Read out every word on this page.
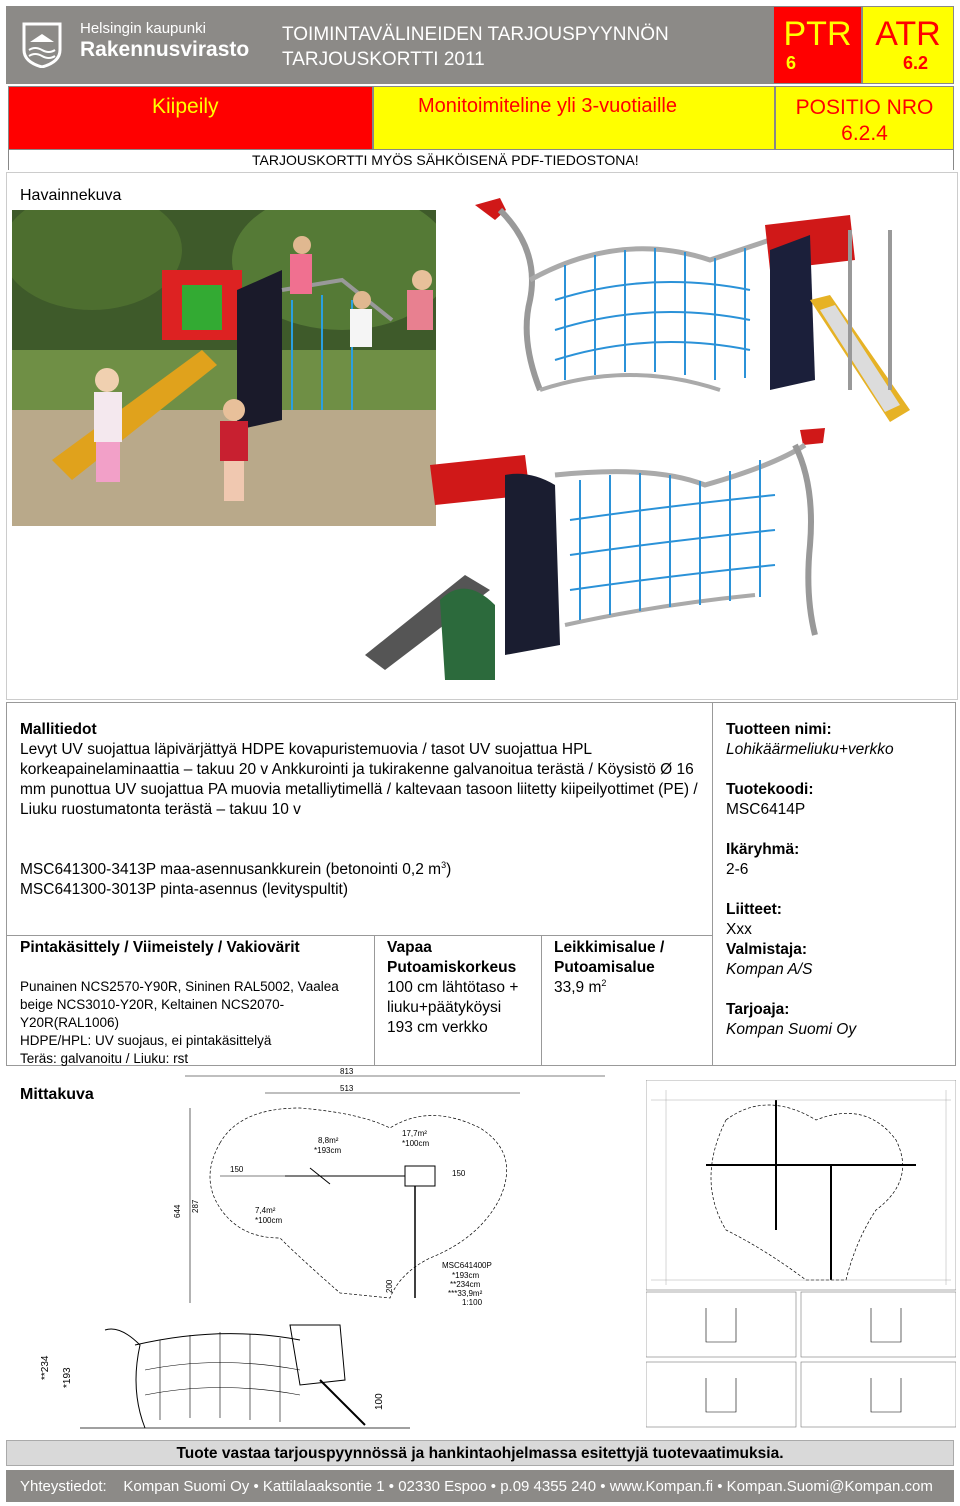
Helsingin kaupunki
Rakennusvirasto
TOIMINTAVÄLINEIDEN TARJOUSPYYNNÖN
TARJOUSKORTTI 2011
PTR
6
ATR
6.2
Kiipeily	Monitoimiteline yli 3-vuotiaille	POSITIO NRO
6.2.4
TARJOUSKORTTI MYÖS SÄHKÖISENÄ PDF-TIEDOSTONA!
Havainnekuva
Mallitiedot
Levyt UV suojattua läpivärjättyä HDPE kovapuristemuovia / tasot UV suojattua HPL korkeapainelaminaattia – takuu 20 v Ankkurointi ja tukirakenne galvanoitua terästä / Köysistö Ø 16 mm punottua UV suojattua PA muovia metalliytimellä / kaltevaan tasoon liitetty kiipeilyottimet (PE) / Liuku ruostumatonta terästä – takuu 10 v
MSC641300-3413P maa-asennusankkurein (betonointi 0,2 $m^3$)
MSC641300-3013P pinta-asennus (levityspultit)
Pintakäsittely / Viimeistely / Vakiovärit
Punainen NCS2570-Y90R, Sininen RAL5002, Vaalea beige NCS3010-Y20R, Keltainen NCS2070-Y20R(RAL1006)
HDPE/HPL: UV suojaus, ei pintakäsittelyä
Teräs: galvanoitu / Liuku: rst
Vapaa Putoamiskorkeus
100 cm lähtötaso + liuku+päätyköysi
193 cm verkko
Leikkimisalue / Putoamisalue
33,9 $m^2$
Tuotteen nimi:
Lohikäärmeliuku+verkko
Tuotekoodi:
MSC6414P
Ikäryhmä:
2-6
Liitteet:
Xxx
Valmistaja:
Kompan A/S
Tarjoaja:
Kompan Suomi Oy
Mittakuva
813
513
8,8m²
*193cm
17,7m²
*100cm
7,4m²
*100cm
150	150
644 287
200
MSC641400P
*193cm
**234cm
***33,9m²
1:100
**234 *193
100
Tuote vastaa tarjouspyynnössä ja hankintaohjelmassa esitettyjä tuotevaatimuksia.
Yhteystiedot:    Kompan Suomi Oy • Kattilalaaksontie 1 • 02330 Espoo • p.09 4355 240 • www.Kompan.fi • Kompan.Suomi@Kompan.com
